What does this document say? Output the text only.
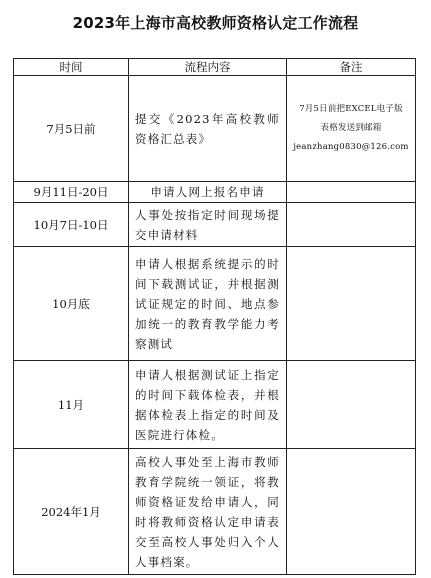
2023年上海市高校教师资格认定工作流程
时间	流程内容	备注
7月5日前	提交《2023年高校教师资格汇总表》	7月5日前把EXCEL电子版
表格发送到邮箱
jeanzhang0830@126.com

9月11日-20日	申请人网上报名申请	
10月7日-10日	人事处按指定时间现场提交申请材料	
10月底	申请人根据系统提示的时间下载测试证，并根据测试证规定的时间、地点参加统一的教育教学能力考察测试	
11月	申请人根据测试证上指定的时间下载体检表，并根据体检表上指定的时间及医院进行体检。	
2024年1月	高校人事处至上海市教师教育学院统一领证，将教师资格证发给申请人，同时将教师资格认定申请表交至高校人事处归入个人人事档案。	
